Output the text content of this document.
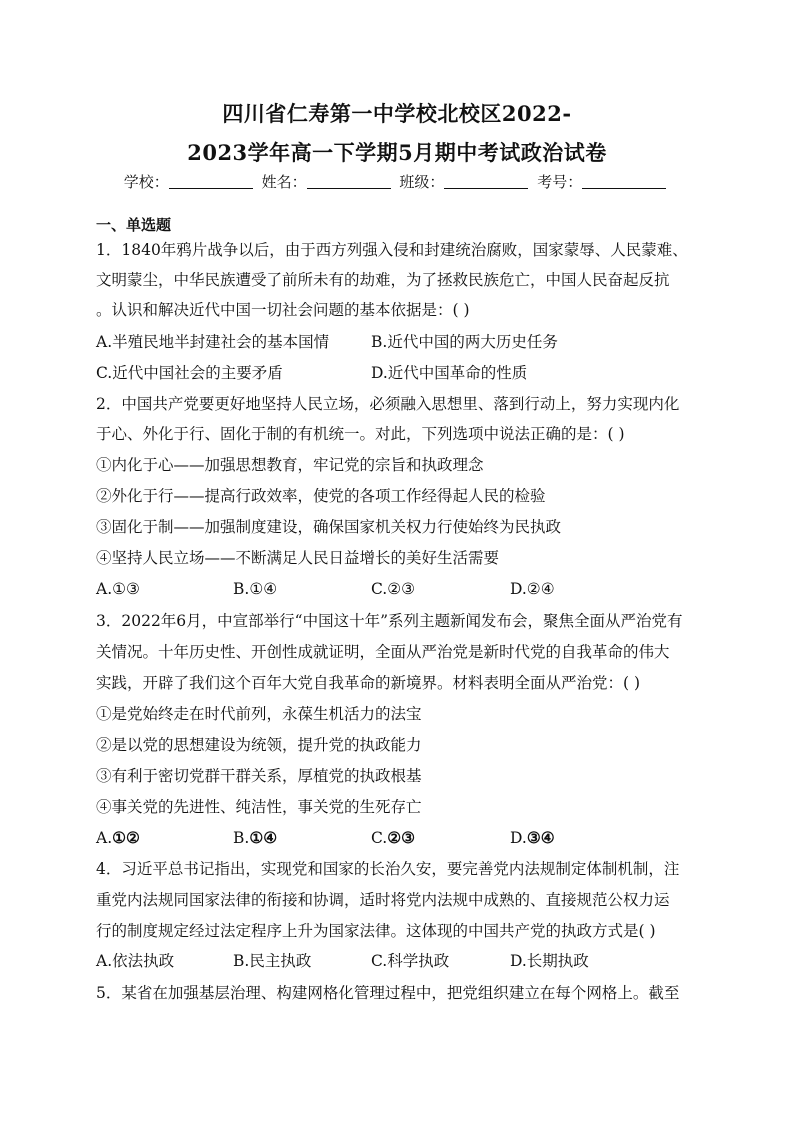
四川省仁寿第一中学校北校区2022-
2023学年高一下学期5月期中考试政治试卷
学校：	姓名：	班级：	考号：
一、单选题
1．1840年鸦片战争以后，由于西方列强入侵和封建统治腐败，国家蒙辱、人民蒙难、
文明蒙尘，中华民族遭受了前所未有的劫难，为了拯救民族危亡，中国人民奋起反抗
。认识和解决近代中国一切社会问题的基本依据是：( )
A.半殖民地半封建社会的基本国情	B.近代中国的两大历史任务
C.近代中国社会的主要矛盾	D.近代中国革命的性质
2．中国共产党要更好地坚持人民立场，必须融入思想里、落到行动上，努力实现内化
于心、外化于行、固化于制的有机统一。对此，下列选项中说法正确的是：( )
①内化于心——加强思想教育，牢记党的宗旨和执政理念
②外化于行——提高行政效率，使党的各项工作经得起人民的检验
③固化于制——加强制度建设，确保国家机关权力行使始终为民执政
④坚持人民立场——不断满足人民日益增长的美好生活需要
A.①③	B.①④	C.②③	D.②④
3．2022年6月，中宣部举行“中国这十年”系列主题新闻发布会，聚焦全面从严治党有
关情况。十年历史性、开创性成就证明，全面从严治党是新时代党的自我革命的伟大
实践，开辟了我们这个百年大党自我革命的新境界。材料表明全面从严治党：( )
①是党始终走在时代前列，永葆生机活力的法宝
②是以党的思想建设为统领，提升党的执政能力
③有利于密切党群干群关系，厚植党的执政根基
④事关党的先进性、纯洁性，事关党的生死存亡
A.①②	B.①④	C.②③	D.③④
4．习近平总书记指出，实现党和国家的长治久安，要完善党内法规制定体制机制，注
重党内法规同国家法律的衔接和协调，适时将党内法规中成熟的、直接规范公权力运
行的制度规定经过法定程序上升为国家法律。这体现的中国共产党的执政方式是( )
A.依法执政	B.民主执政	C.科学执政	D.长期执政
5．某省在加强基层治理、构建网格化管理过程中，把党组织建立在每个网格上。截至
